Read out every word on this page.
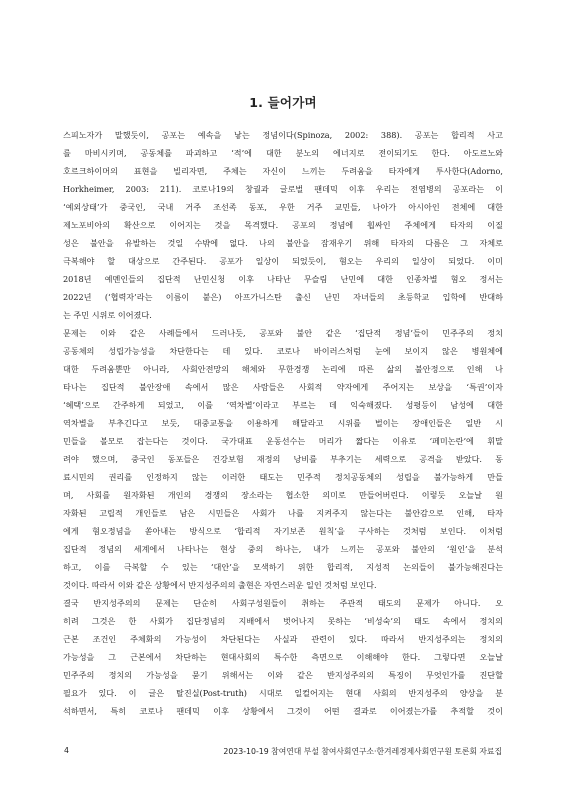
1. 들어가며
스피노자가 말했듯이, 공포는 예속을 낳는 정념이다(Spinoza, 2002: 388). 공포는 합리적 사고
를 마비시키며, 공동체를 파괴하고 ‘적’에 대한 분노의 에너지로 전이되기도 한다. 아도르노와
호르크하이머의 표현을 빌리자면, 주체는 자신이 느끼는 두려움을 타자에게 투사한다(Adorno,
Horkheimer, 2003: 211). 코로나19의 창궐과 글로벌 팬데믹 이후 우리는 전염병의 공포라는 이
‘예외상태’가 중국인, 국내 거주 조선족 동포, 우한 거주 교민들, 나아가 아시아인 전체에 대한
제노포비아의 확산으로 이어지는 것을 목격했다. 공포의 정념에 휩싸인 주체에게 타자의 이질
성은 불안을 유발하는 것일 수밖에 없다. 나의 불안을 잠재우기 위해 타자의 다름은 그 자체로
극복해야 할 대상으로 간주된다. 공포가 일상이 되었듯이, 혐오는 우리의 일상이 되었다. 이미
2018년 예멘인들의 집단적 난민신청 이후 나타난 무슬림 난민에 대한 인종차별 혐오 정서는
2022년 (‘협력자’라는 이름이 붙은) 아프가니스탄 출신 난민 자녀들의 초등학교 입학에 반대하
는 주민 시위로 이어졌다.
문제는 이와 같은 사례들에서 드러나듯, 공포와 불안 같은 ‘집단적 정념’들이 민주주의 정치
공동체의 성립가능성을 차단한다는 데 있다. 코로나 바이러스처럼 눈에 보이지 않은 병원체에
대한 두려움뿐만 아니라, 사회안전망의 해체와 무한경쟁 논리에 따른 삶의 불안정으로 인해 나
타나는 집단적 불안장애 속에서 많은 사람들은 사회적 약자에게 주어지는 보상을 ‘특권’이자
‘혜택’으로 간주하게 되었고, 이를 ‘역차별’이라고 부르는 데 익숙해졌다. 성평등이 남성에 대한
역차별을 부추긴다고 보듯, 대중교통을 이용하게 해달라고 시위를 벌이는 장애인들은 일반 시
민들을 볼모로 잡는다는 것이다. 국가대표 운동선수는 머리가 짧다는 이유로 ‘페미논란’에 휘말
려야 했으며, 중국인 동포들은 건강보험 재정의 낭비를 부추기는 세력으로 공격을 받았다. 동
료시민의 권리를 인정하지 않는 이러한 태도는 민주적 정치공동체의 성립을 불가능하게 만들
며, 사회를 원자화된 개인의 경쟁의 장소라는 협소한 의미로 만들어버린다. 이렇듯 오늘날 원
자화된 고립적 개인들로 남은 시민들은 사회가 나를 지켜주지 않는다는 불안감으로 인해, 타자
에게 혐오정념을 쏟아내는 방식으로 ‘합리적 자기보존 원칙’을 구사하는 것처럼 보인다. 이처럼
집단적 정념의 세계에서 나타나는 현상 중의 하나는, 내가 느끼는 공포와 불안의 ‘원인’을 분석
하고, 이를 극복할 수 있는 ‘대안’을 모색하기 위한 합리적, 지성적 논의들이 불가능해진다는
것이다. 따라서 이와 같은 상황에서 반지성주의의 출현은 자연스러운 일인 것처럼 보인다.
결국 반지성주의의 문제는 단순히 사회구성원들이 취하는 주관적 태도의 문제가 아니다. 오
히려 그것은 한 사회가 집단정념의 지배에서 벗어나지 못하는 ‘비성숙’의 태도 속에서 정치의
근본 조건인 주체화의 가능성이 차단된다는 사실과 관련이 있다. 따라서 반지성주의는 정치의
가능성을 그 근본에서 차단하는 현대사회의 특수한 측면으로 이해해야 한다. 그렇다면 오늘날
민주주의 정치의 가능성을 묻기 위해서는 이와 같은 반지성주의의 특징이 무엇인가를 진단할
필요가 있다. 이 글은 탈진실(Post-truth) 시대로 일컬어지는 현대 사회의 반지성주의 양상을 분
석하면서, 특히 코로나 팬데믹 이후 상황에서 그것이 어떤 결과로 이어졌는가를 추적할 것이
4	2023-10-19 참여연대 부설 참여사회연구소·한겨레경제사회연구원 토론회 자료집
